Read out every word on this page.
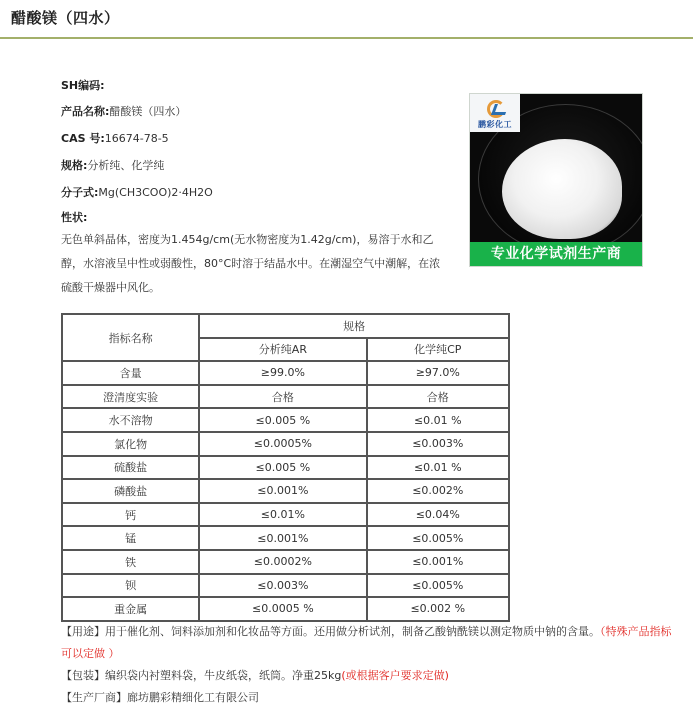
醋酸镁（四水）
SH编码:
产品名称:醋酸镁（四水）
CAS 号:16674-78-5
规格:分析纯、化学纯
分子式:Mg(CH3COO)2·4H2O
性状:
无色单斜晶体，密度为1.454g/cm(无水物密度为1.42g/cm)，易溶于水和乙醇，水溶液呈中性或弱酸性，80°C时溶于结晶水中。在潮湿空气中潮解，在浓硫酸干燥器中风化。
鹏彩化工
专业化学试剂生产商
指标名称	规格	
	分析纯AR	化学纯CP
含量	≥99.0%	≥97.0%
澄清度实验	合格	合格
水不溶物	≤0.005 %	≤0.01 %
氯化物	≤0.0005%	≤0.003%
硫酸盐	≤0.005 %	≤0.01 %
磷酸盐	≤0.001%	≤0.002%
钙	≤0.01%	≤0.04%
锰	≤0.001%	≤0.005%
铁	≤0.0002%	≤0.001%
钡	≤0.003%	≤0.005%
重金属	≤0.0005 %	≤0.002 %
【用途】用于催化剂、饲料添加剂和化妆品等方面。还用做分析试剂，制备乙酸钠酰镁以测定物质中钠的含量。（特殊产品指标可以定做 ）
【包装】编织袋内衬塑料袋，牛皮纸袋，纸筒。净重25kg(或根据客户要求定做)
【生产厂商】廊坊鹏彩精细化工有限公司
